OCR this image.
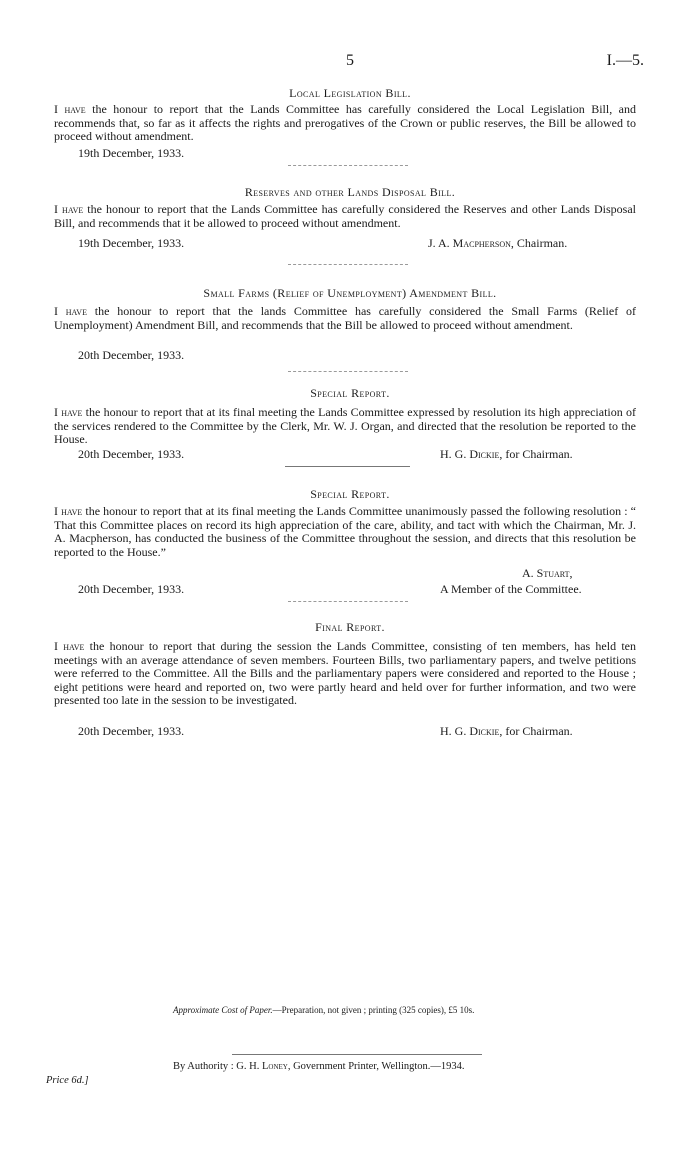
5	I.—5.
Local Legislation Bill.
I have the honour to report that the Lands Committee has carefully considered the Local Legislation Bill, and recommends that, so far as it affects the rights and prerogatives of the Crown or public reserves, the Bill be allowed to proceed without amendment.
19th December, 1933.
Reserves and other Lands Disposal Bill.
I have the honour to report that the Lands Committee has carefully considered the Reserves and other Lands Disposal Bill, and recommends that it be allowed to proceed without amendment.
19th December, 1933.	J. A. Macpherson, Chairman.
Small Farms (Relief of Unemployment) Amendment Bill.
I have the honour to report that the lands Committee has carefully considered the Small Farms (Relief of Unemployment) Amendment Bill, and recommends that the Bill be allowed to proceed without amendment.
20th December, 1933.
Special Report.
I have the honour to report that at its final meeting the Lands Committee expressed by resolution its high appreciation of the services rendered to the Committee by the Clerk, Mr. W. J. Organ, and directed that the resolution be reported to the House.
20th December, 1933.	H. G. Dickie, for Chairman.
Special Report.
I have the honour to report that at its final meeting the Lands Committee unanimously passed the following resolution : “ That this Committee places on record its high appreciation of the care, ability, and tact with which the Chairman, Mr. J. A. Macpherson, has conducted the business of the Committee throughout the session, and directs that this resolution be reported to the House.”
A. Stuart,
20th December, 1933.	A Member of the Committee.
Final Report.
I have the honour to report that during the session the Lands Committee, consisting of ten members, has held ten meetings with an average attendance of seven members. Fourteen Bills, two parliamentary papers, and twelve petitions were referred to the Committee. All the Bills and the parliamentary papers were considered and reported to the House ; eight petitions were heard and reported on, two were partly heard and held over for further information, and two were presented too late in the session to be investigated.
20th December, 1933.	H. G. Dickie, for Chairman.
Approximate Cost of Paper.—Preparation, not given ; printing (325 copies), £5 10s.
By Authority : G. H. Loney, Government Printer, Wellington.—1934.
Price 6d.]
